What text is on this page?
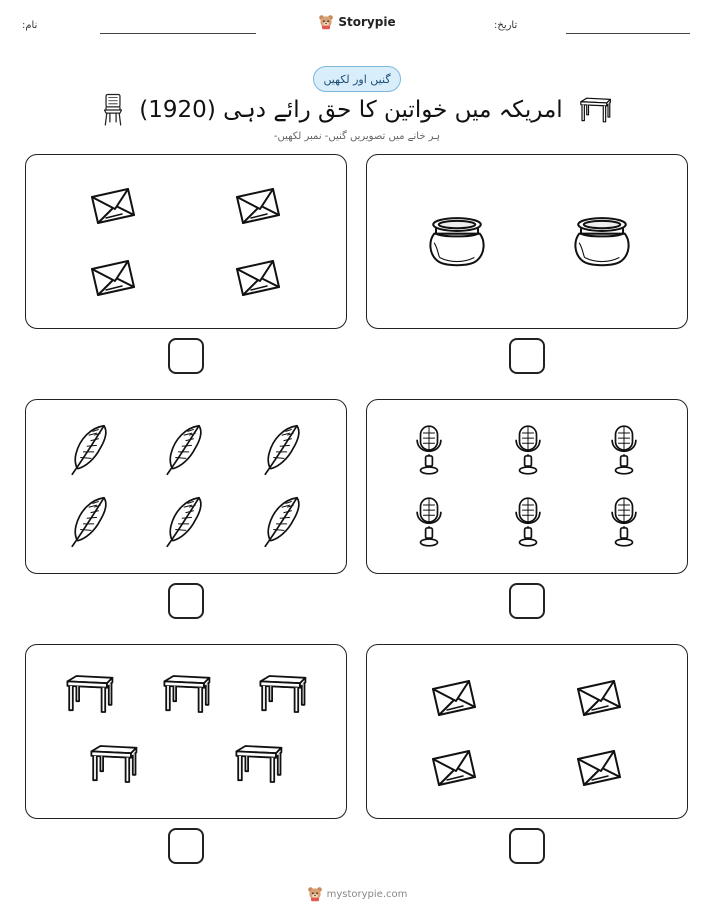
نام:	Storypie	تاریخ:
گنیں اور لکھیں
امریکہ میں خواتین کا حق رائے دہی (1920)
ہر خانے میں تصویریں گنیں- نمبر لکھیں-
mystorypie.com
